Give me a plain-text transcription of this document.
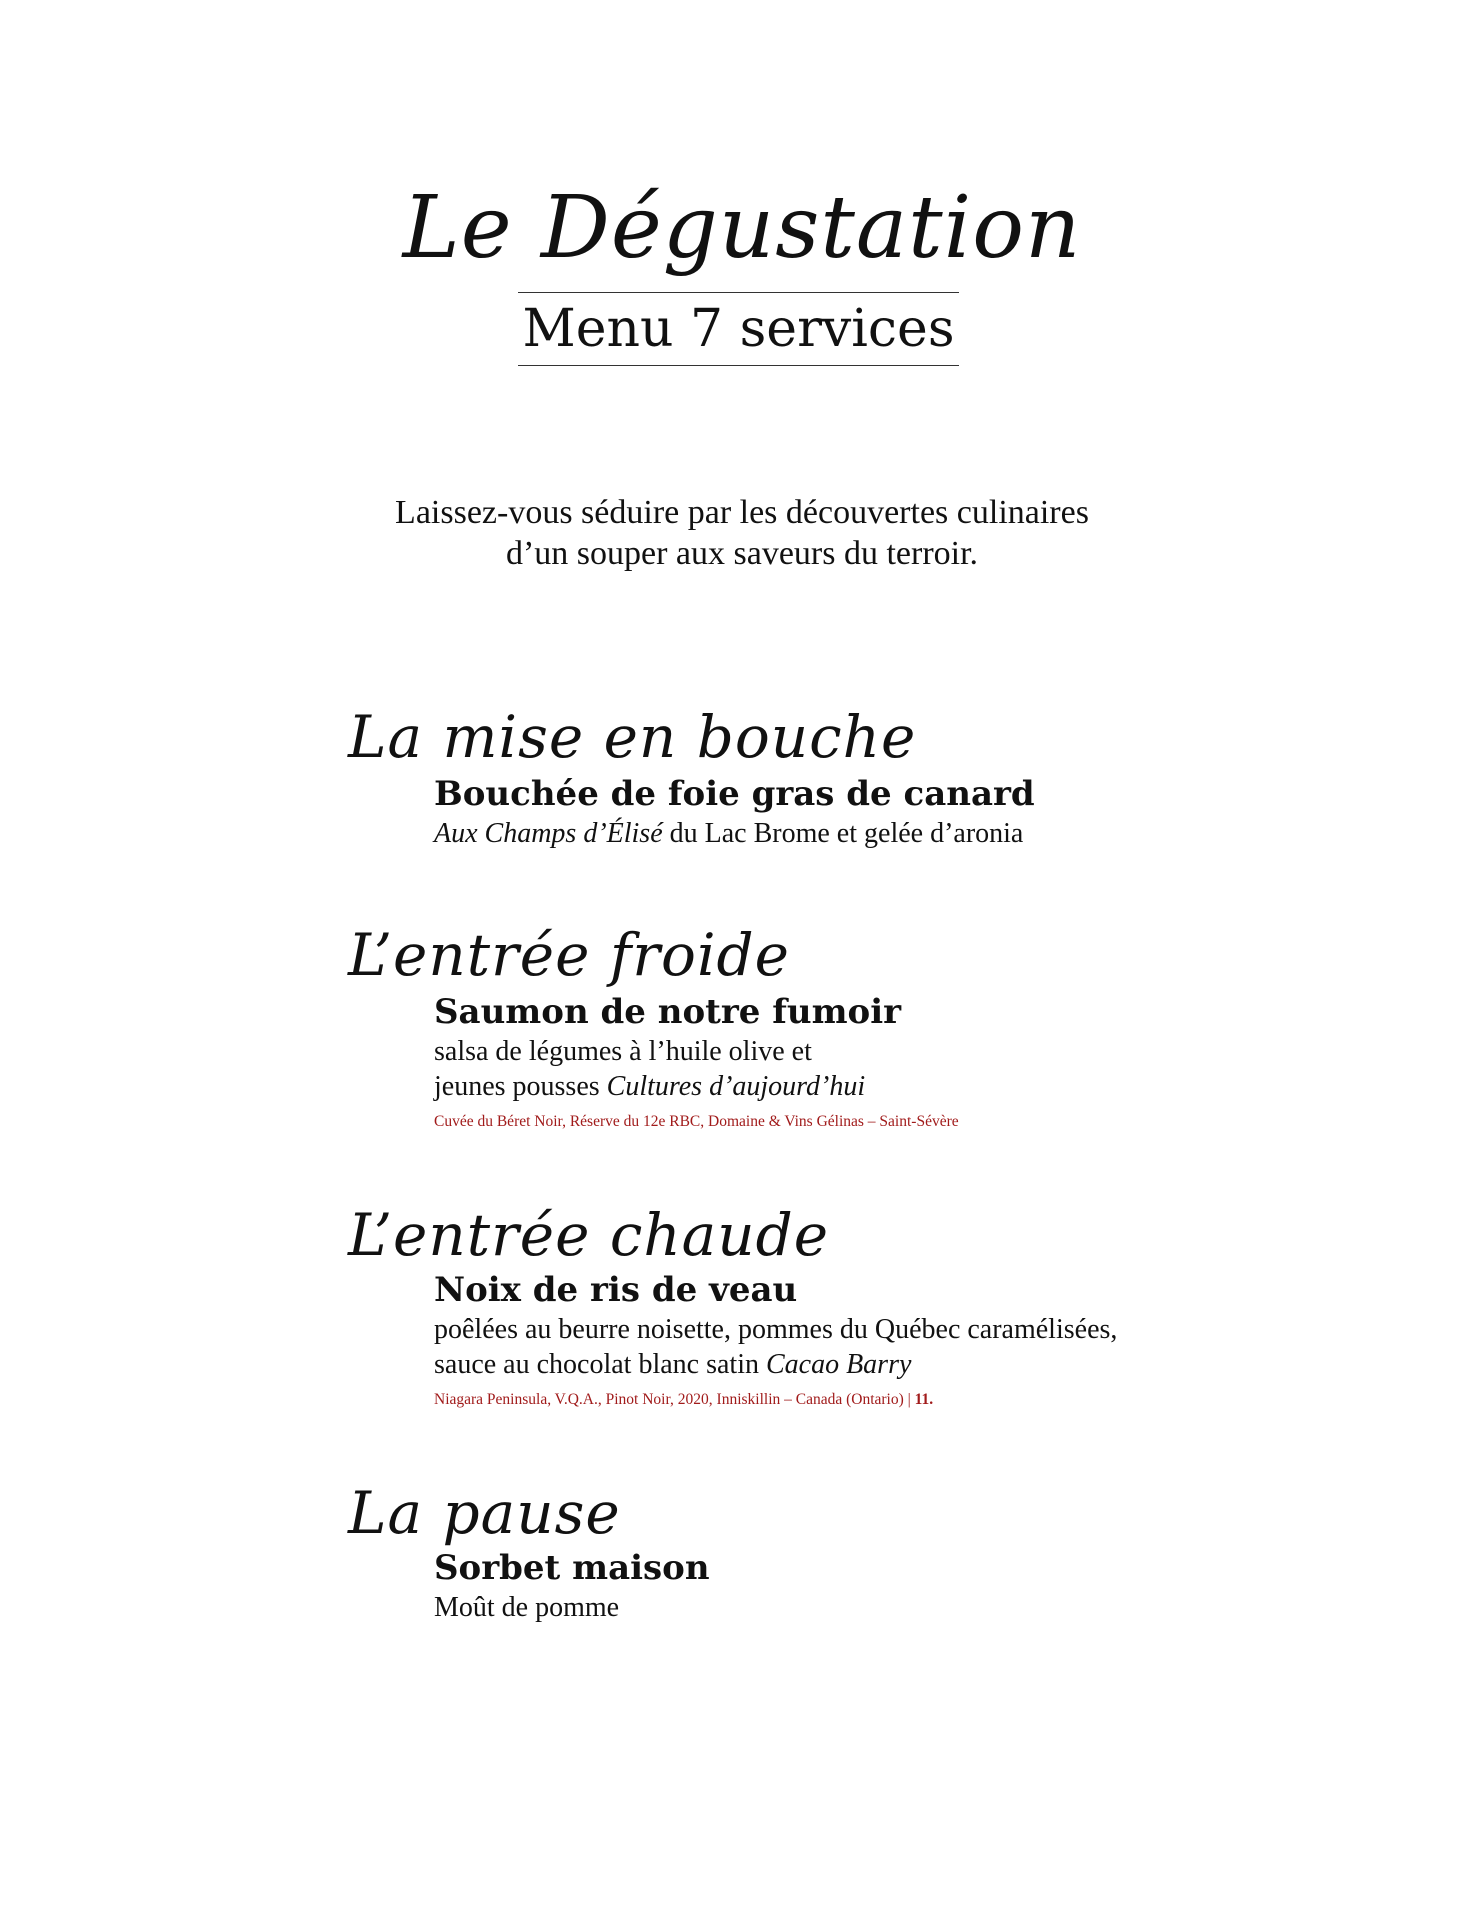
Le Dégustation
Menu 7 services
Laissez-vous séduire par les découvertes culinaires
d’un souper aux saveurs du terroir.
La mise en bouche
Bouchée de foie gras de canard
Aux Champs d’Élisé du Lac Brome et gelée d’aronia
L’entrée froide
Saumon de notre fumoir
salsa de légumes à l’huile olive et
jeunes pousses Cultures d’aujourd’hui
Cuvée du Béret Noir, Réserve du 12e RBC, Domaine & Vins Gélinas – Saint-Sévère
L’entrée chaude
Noix de ris de veau
poêlées au beurre noisette, pommes du Québec caramélisées,
sauce au chocolat blanc satin Cacao Barry
Niagara Peninsula, V.Q.A., Pinot Noir, 2020, Inniskillin – Canada (Ontario) | 11.
La pause
Sorbet maison
Moût de pomme
